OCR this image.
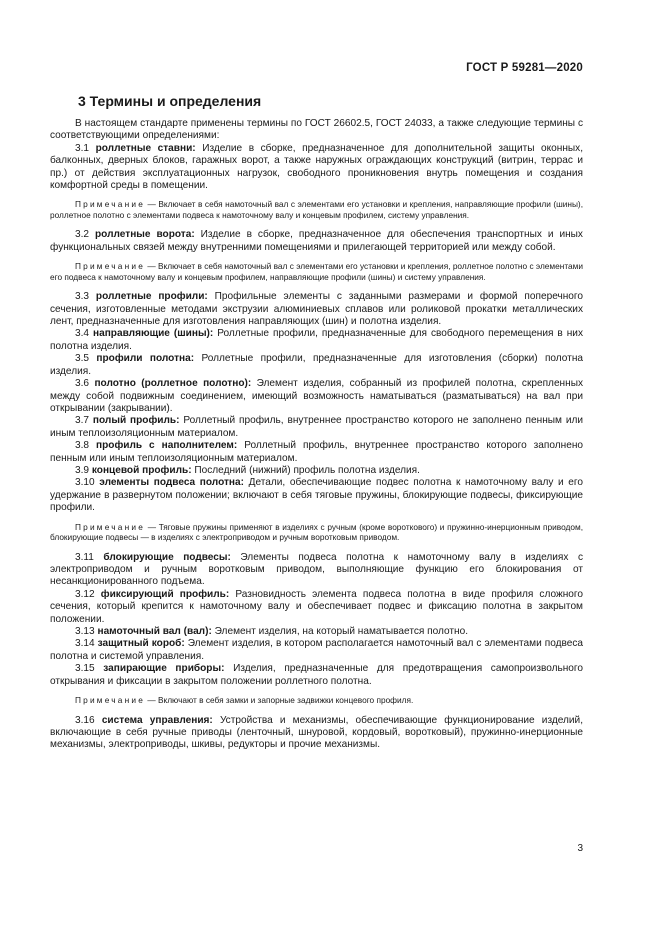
ГОСТ Р 59281—2020
3 Термины и определения

В настоящем стандарте применены термины по ГОСТ 26602.5, ГОСТ 24033, а также следующие термины с соответствующими определениями:

3.1 роллетные ставни: Изделие в сборке, предназначенное для дополнительной защиты оконных, балконных, дверных блоков, гаражных ворот, а также наружных ограждающих конструкций (витрин, террас и пр.) от действия эксплуатационных нагрузок, свободного проникновения внутрь помещения и создания комфортной среды в помещении.

Примечание — Включает в себя намоточный вал с элементами его установки и крепления, направляющие профили (шины), роллетное полотно с элементами подвеса к намоточному валу и концевым профилем, систему управления.

3.2 роллетные ворота: Изделие в сборке, предназначенное для обеспечения транспортных и иных функциональных связей между внутренними помещениями и прилегающей территорией или между собой.

Примечание — Включает в себя намоточный вал с элементами его установки и крепления, роллетное полотно с элементами его подвеса к намоточному валу и концевым профилем, направляющие профили (шины) и систему управления.

3.3 роллетные профили: Профильные элементы с заданными размерами и формой поперечного сечения, изготовленные методами экструзии алюминиевых сплавов или роликовой прокатки металлических лент, предназначенные для изготовления направляющих (шин) и полотна изделия.

3.4 направляющие (шины): Роллетные профили, предназначенные для свободного перемещения в них полотна изделия.

3.5 профили полотна: Роллетные профили, предназначенные для изготовления (сборки) полотна изделия.

3.6 полотно (роллетное полотно): Элемент изделия, собранный из профилей полотна, скрепленных между собой подвижным соединением, имеющий возможность наматываться (разматываться) на вал при открывании (закрывании).

3.7 полый профиль: Роллетный профиль, внутреннее пространство которого не заполнено пенным или иным теплоизоляционным материалом.

3.8 профиль с наполнителем: Роллетный профиль, внутреннее пространство которого заполнено пенным или иным теплоизоляционным материалом.

3.9 концевой профиль: Последний (нижний) профиль полотна изделия.

3.10 элементы подвеса полотна: Детали, обеспечивающие подвес полотна к намоточному валу и его удержание в развернутом положении; включают в себя тяговые пружины, блокирующие подвесы, фиксирующие профили.

Примечание — Тяговые пружины применяют в изделиях с ручным (кроме вороткового) и пружинно-инерционным приводом, блокирующие подвесы — в изделиях с электроприводом и ручным воротковым приводом.

3.11 блокирующие подвесы: Элементы подвеса полотна к намоточному валу в изделиях с электроприводом и ручным воротковым приводом, выполняющие функцию его блокирования от несанкционированного подъема.

3.12 фиксирующий профиль: Разновидность элемента подвеса полотна в виде профиля сложного сечения, который крепится к намоточному валу и обеспечивает подвес и фиксацию полотна в закрытом положении.

3.13 намоточный вал (вал): Элемент изделия, на который наматывается полотно.

3.14 защитный короб: Элемент изделия, в котором располагается намоточный вал с элементами подвеса полотна и системой управления.

3.15 запирающие приборы: Изделия, предназначенные для предотвращения самопроизвольного открывания и фиксации в закрытом положении роллетного полотна.

Примечание — Включают в себя замки и запорные задвижки концевого профиля.

3.16 система управления: Устройства и механизмы, обеспечивающие функционирование изделий, включающие в себя ручные приводы (ленточный, шнуровой, кордовый, воротковый), пружинно-инерционные механизмы, электроприводы, шкивы, редукторы и прочие механизмы.

3
